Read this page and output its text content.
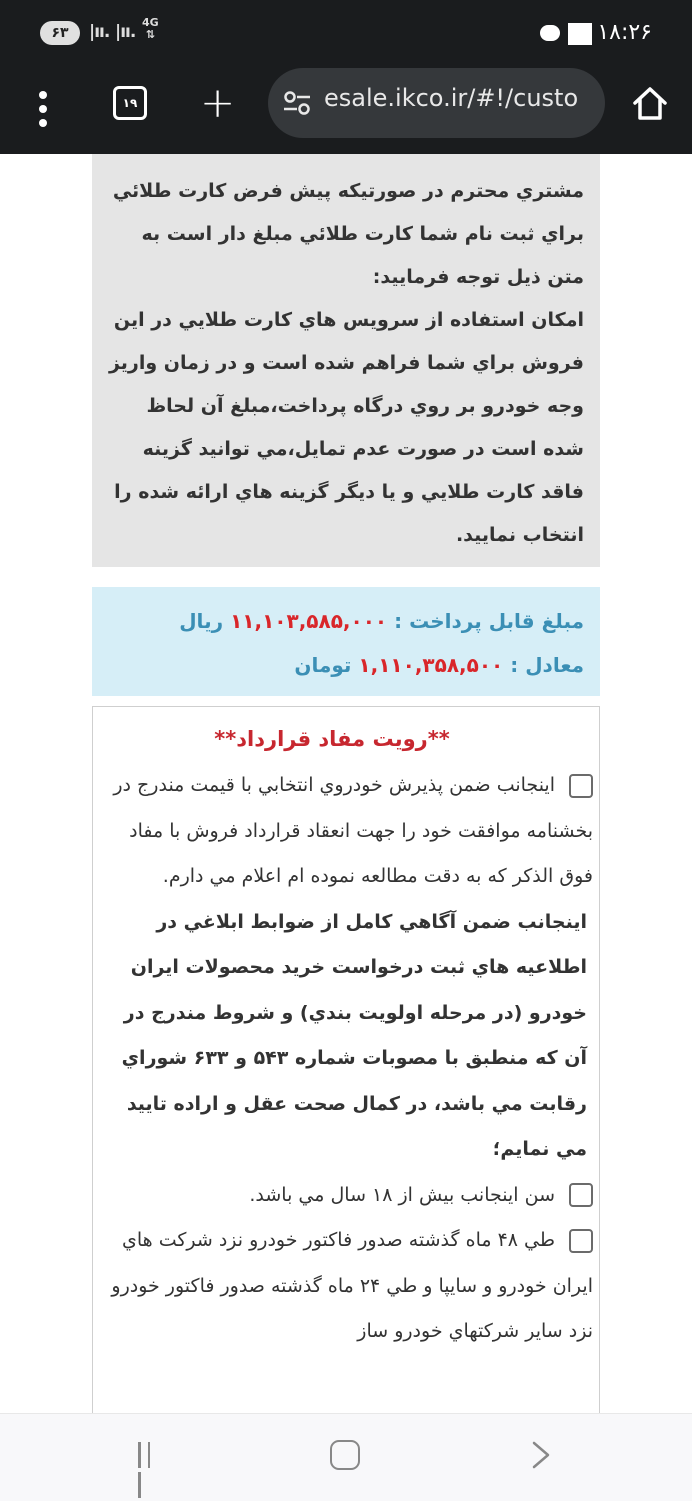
۶۳	|ıı. |ıı. 4G
⇅	۱۸:۲۶
۱۹ +	esale.ikco.ir/#!/custo

مشتري محترم در صورتيکه پيش فرض کارت طلائي براي ثبت نام شما کارت طلائي مبلغ دار است به متن ذيل توجه فرماييد:

امکان استفاده از سرويس هاي کارت طلايي در اين فروش براي شما فراهم شده است و در زمان واريز وجه خودرو بر روي درگاه پرداخت،مبلغ آن لحاظ شده است در صورت عدم تمايل،مي توانيد گزينه فاقد کارت طلايي و يا ديگر گزينه هاي ارائه شده را انتخاب نماييد.

مبلغ قابل پرداخت : ۱۱,۱۰۳,۵۸۵,۰۰۰ ريال
معادل : ۱,۱۱۰,۳۵۸,۵۰۰ تومان
**رويت مفاد قرارداد**

اينجانب ضمن پذيرش خودروي انتخابي با قيمت مندرج در بخشنامه موافقت خود را جهت انعقاد قرارداد فروش با مفاد فوق الذکر که به دقت مطالعه نموده ام اعلام مي دارم.

اينجانب ضمن آگاهي کامل از ضوابط ابلاغي در اطلاعيه هاي ثبت درخواست خريد محصولات ايران خودرو (در مرحله اولويت بندي) و شروط مندرج در آن که منطبق با مصوبات شماره ۵۴۳ و ۶۳۳ شوراي رقابت مي باشد، در کمال صحت عقل و اراده تاييد مي نمايم؛

سن اينجانب بيش از ۱۸ سال مي باشد.

طي ۴۸ ماه گذشته صدور فاکتور خودرو نزد شرکت هاي ايران خودرو و سايپا و طي ۲۴ ماه گذشته صدور فاکتور خودرو نزد ساير شرکتهاي خودرو ساز
